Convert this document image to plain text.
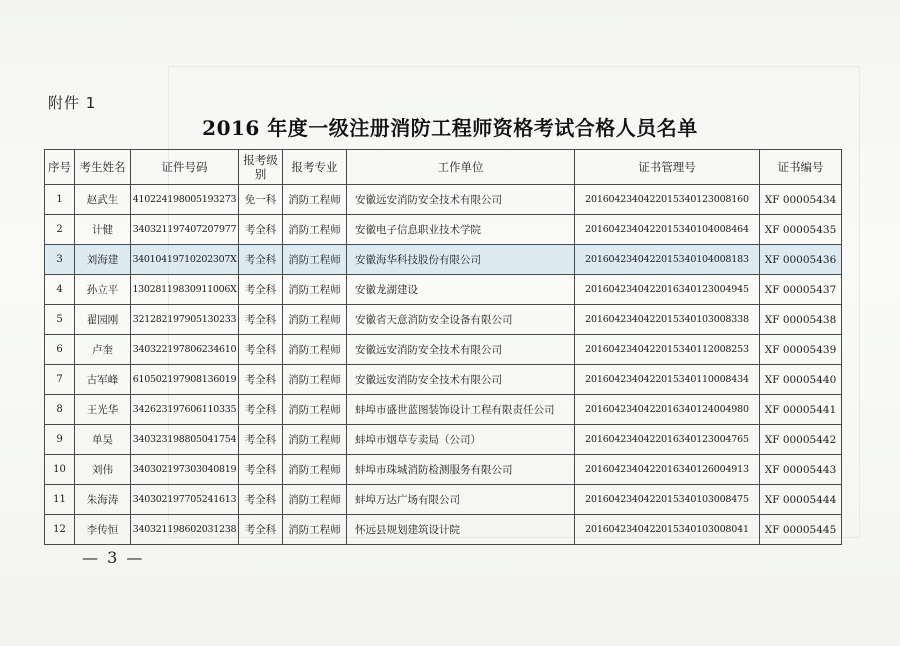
附件 1
2016 年度一级注册消防工程师资格考试合格人员名单
序号	考生姓名	证件号码	报考级别	报考专业	工作单位	证书管理号	证书编号
1	赵武生	410224198005193273	免一科	消防工程师	安徽远安消防安全技术有限公司	2016042340422015340123008160	XF 00005434
2	计健	340321197407207977	考全科	消防工程师	安徽电子信息职业技术学院	2016042340422015340104008464	XF 00005435
3	刘海建	34010419710202307X	考全科	消防工程师	安徽海华科技股份有限公司	2016042340422015340104008183	XF 00005436
4	孙立平	13028119830911006X	考全科	消防工程师	安徽龙湖建设	2016042340422016340123004945	XF 00005437
5	翟园刚	321282197905130233	考全科	消防工程师	安徽省天意消防安全设备有限公司	2016042340422015340103008338	XF 00005438
6	卢奎	340322197806234610	考全科	消防工程师	安徽远安消防安全技术有限公司	2016042340422015340112008253	XF 00005439
7	古军峰	610502197908136019	考全科	消防工程师	安徽远安消防安全技术有限公司	2016042340422015340110008434	XF 00005440
8	王光华	342623197606110335	考全科	消防工程师	蚌埠市盛世蓝图装饰设计工程有限责任公司	2016042340422016340124004980	XF 00005441
9	单昊	340323198805041754	考全科	消防工程师	蚌埠市烟草专卖局（公司）	2016042340422016340123004765	XF 00005442
10	刘伟	340302197303040819	考全科	消防工程师	蚌埠市珠城消防检测服务有限公司	2016042340422016340126004913	XF 00005443
11	朱海涛	340302197705241613	考全科	消防工程师	蚌埠万达广场有限公司	2016042340422015340103008475	XF 00005444
12	李传恒	340321198602031238	考全科	消防工程师	怀远县规划建筑设计院	2016042340422015340103008041	XF 00005445
— 3 —
